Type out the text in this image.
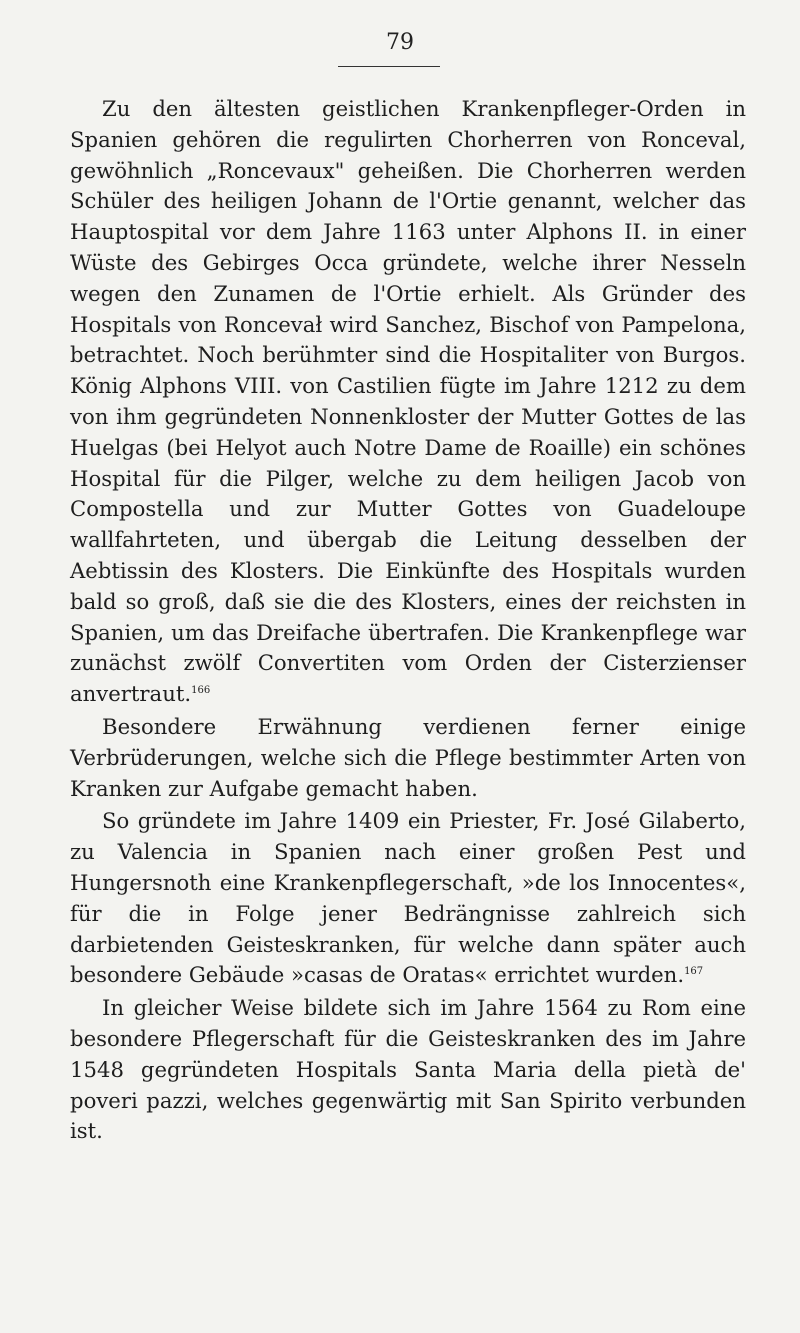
79

Zu den ältesten geistlichen Krankenpfleger-Orden in Spanien gehören die regulirten Chorherren von Ronceval, gewöhnlich „Roncevaux" geheißen. Die Chorherren werden Schüler des heiligen Johann de l'Ortie genannt, welcher das Hauptospital vor dem Jahre 1163 unter Alphons II. in einer Wüste des Gebirges Occa gründete, welche ihrer Nesseln wegen den Zunamen de l'Ortie erhielt. Als Gründer des Hospitals von Roncevał wird Sanchez, Bischof von Pampelona, betrachtet. Noch berühmter sind die Hospitaliter von Burgos. König Alphons VIII. von Castilien fügte im Jahre 1212 zu dem von ihm gegründeten Nonnenkloster der Mutter Gottes de las Huelgas (bei Helyot auch Notre Dame de Roaille) ein schönes Hospital für die Pilger, welche zu dem heiligen Jacob von Compostella und zur Mutter Gottes von Guadeloupe wallfahrteten, und übergab die Leitung desselben der Aebtissin des Klosters. Die Einkünfte des Hospitals wurden bald so groß, daß sie die des Klosters, eines der reichsten in Spanien, um das Dreifache übertrafen. Die Krankenpflege war zunächst zwölf Convertiten vom Orden der Cisterzienser anvertraut.$^{166}$

Besondere Erwähnung verdienen ferner einige Verbrüderungen, welche sich die Pflege bestimmter Arten von Kranken zur Aufgabe gemacht haben.

So gründete im Jahre 1409 ein Priester, Fr. José Gilaberto, zu Valencia in Spanien nach einer großen Pest und Hungersnoth eine Krankenpflegerschaft, »de los Innocentes«, für die in Folge jener Bedrängnisse zahlreich sich darbietenden Geisteskranken, für welche dann später auch besondere Gebäude »casas de Oratas« errichtet wurden.$^{167}$

In gleicher Weise bildete sich im Jahre 1564 zu Rom eine besondere Pflegerschaft für die Geisteskranken des im Jahre 1548 gegründeten Hospitals Santa Maria della pietà de' poveri pazzi, welches gegenwärtig mit San Spirito verbunden ist.
